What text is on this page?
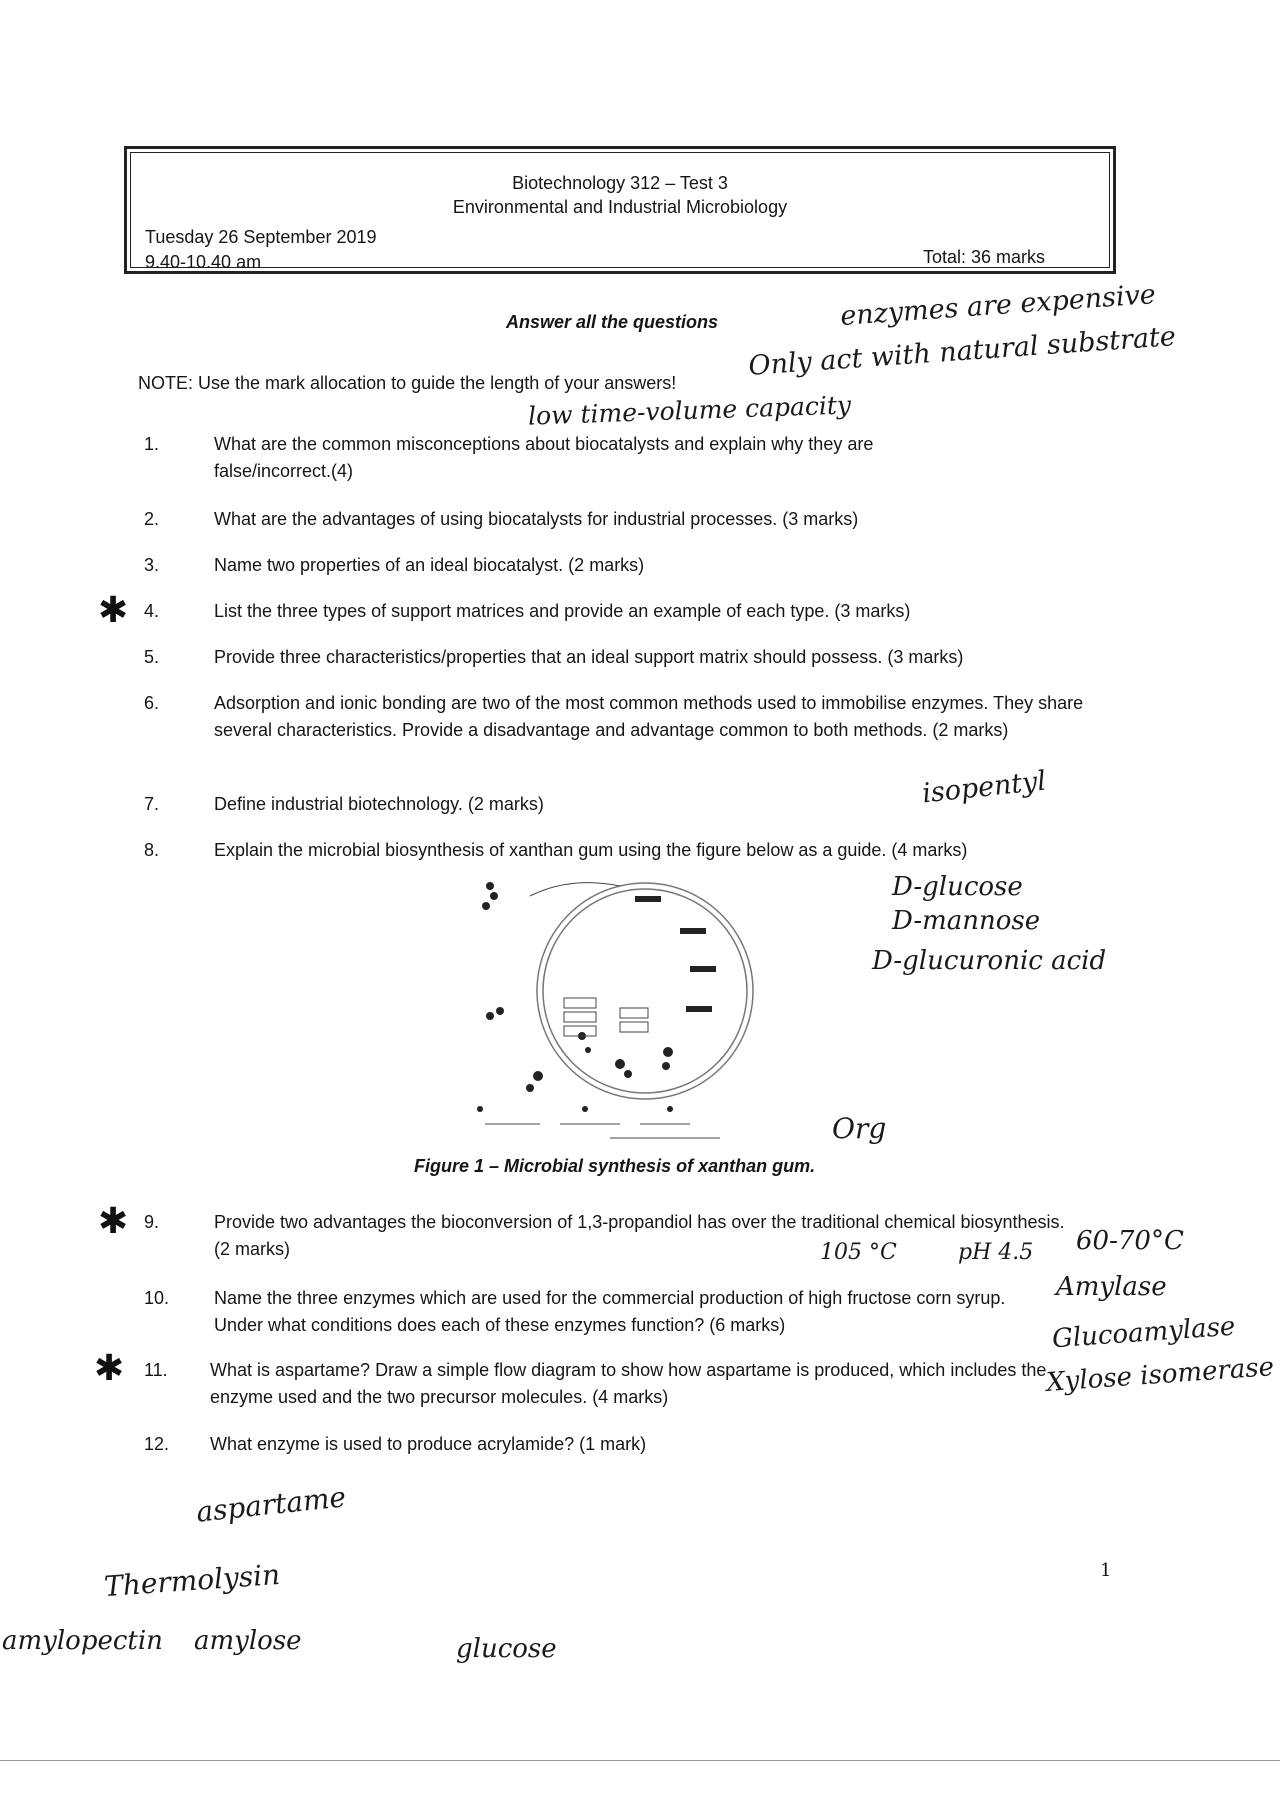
Biotechnology 312 – Test 3
Environmental and Industrial Microbiology
Tuesday 26 September 2019
9.40-10.40 am	Total: 36 marks
Answer all the questions
NOTE: Use the mark allocation to guide the length of your answers!
1.	What are the common misconceptions about biocatalysts and explain why they are false/incorrect.(4)
2.	What are the advantages of using biocatalysts for industrial processes. (3 marks)
3.	Name two properties of an ideal biocatalyst. (2 marks)
4.	List the three types of support matrices and provide an example of each type. (3 marks)
5.	Provide three characteristics/properties that an ideal support matrix should possess. (3 marks)
6.	Adsorption and ionic bonding are two of the most common methods used to immobilise enzymes. They share several characteristics. Provide a disadvantage and advantage common to both methods. (2 marks)
7.	Define industrial biotechnology. (2 marks)
8.	Explain the microbial biosynthesis of xanthan gum using the figure below as a guide. (4 marks)
Figure 1 – Microbial synthesis of xanthan gum.
9.	Provide two advantages the bioconversion of 1,3-propandiol has over the traditional chemical biosynthesis. (2 marks)
10. Name the three enzymes which are used for the commercial production of high fructose corn syrup. Under what conditions does each of these enzymes function? (6 marks)
11.	What is aspartame? Draw a simple flow diagram to show how aspartame is produced, which includes the enzyme used and the two precursor molecules. (4 marks)
12. What enzyme is used to produce acrylamide? (1 mark)
✱
✱
✱
enzymes are expensive
Only act with natural substrate
low time-volume capacity
isopentyl
D-glucose
D-mannose
D-glucuronic acid
Org
105 °C	pH 4.5 60-70°C
Amylase
Glucoamylase
Xylose isomerase
aspartame
Thermolysin
amylopectin amylose	glucose
1
